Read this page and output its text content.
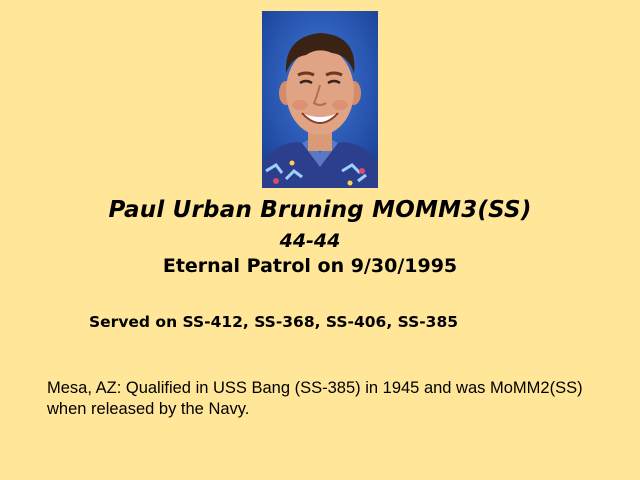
Paul Urban Bruning MOMM3(SS)
44-44
Eternal Patrol on 9/30/1995
Served on SS-412, SS-368, SS-406, SS-385
Mesa, AZ: Qualified in USS Bang (SS-385) in 1945 and was MoMM2(SS)
when released by the Navy.
